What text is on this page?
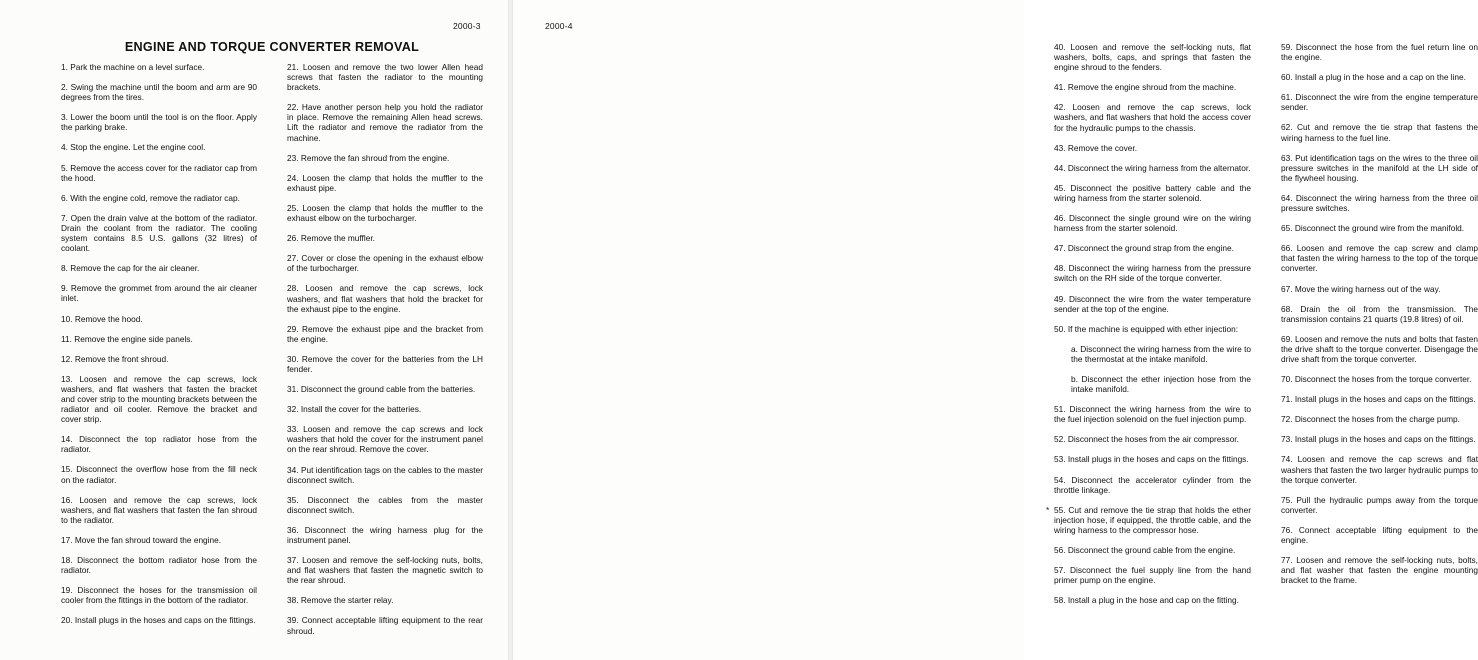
2000-3
ENGINE AND TORQUE CONVERTER REMOVAL

1. Park the machine on a level surface.

2. Swing the machine until the boom and arm are 90 degrees from the tires.

3. Lower the boom until the tool is on the floor. Apply the parking brake.

4. Stop the engine. Let the engine cool.

5. Remove the access cover for the radiator cap from the hood.

6. With the engine cold, remove the radiator cap.

7. Open the drain valve at the bottom of the radiator. Drain the coolant from the radiator. The cooling system contains 8.5 U.S. gallons (32 litres) of coolant.

8. Remove the cap for the air cleaner.

9. Remove the grommet from around the air cleaner inlet.

10. Remove the hood.

11. Remove the engine side panels.

12. Remove the front shroud.

13. Loosen and remove the cap screws, lock washers, and flat washers that fasten the bracket and cover strip to the mounting brackets between the radiator and oil cooler. Remove the bracket and cover strip.

14. Disconnect the top radiator hose from the radiator.

15. Disconnect the overflow hose from the fill neck on the radiator.

16. Loosen and remove the cap screws, lock washers, and flat washers that fasten the fan shroud to the radiator.

17. Move the fan shroud toward the engine.

18. Disconnect the bottom radiator hose from the radiator.

19. Disconnect the hoses for the transmission oil cooler from the fittings in the bottom of the radiator.

20. Install plugs in the hoses and caps on the fittings.

21. Loosen and remove the two lower Allen head screws that fasten the radiator to the mounting brackets.

22. Have another person help you hold the radiator in place. Remove the remaining Allen head screws. Lift the radiator and remove the radiator from the machine.

23. Remove the fan shroud from the engine.

24. Loosen the clamp that holds the muffler to the exhaust pipe.

25. Loosen the clamp that holds the muffler to the exhaust elbow on the turbocharger.

26. Remove the muffler.

27. Cover or close the opening in the exhaust elbow of the turbocharger.

28. Loosen and remove the cap screws, lock washers, and flat washers that hold the bracket for the exhaust pipe to the engine.

29. Remove the exhaust pipe and the bracket from the engine.

30. Remove the cover for the batteries from the LH fender.

31. Disconnect the ground cable from the batteries.

32. Install the cover for the batteries.

33. Loosen and remove the cap screws and lock washers that hold the cover for the instrument panel on the rear shroud. Remove the cover.

34. Put identification tags on the cables to the master disconnect switch.

35. Disconnect the cables from the master disconnect switch.

36. Disconnect the wiring harness plug for the instrument panel.

37. Loosen and remove the self-locking nuts, bolts, and flat washers that fasten the magnetic switch to the rear shroud.

38. Remove the starter relay.

39. Connect acceptable lifting equipment to the rear shroud.

2000-4

40. Loosen and remove the self-locking nuts, flat washers, bolts, caps, and springs that fasten the engine shroud to the fenders.

41. Remove the engine shroud from the machine.

42. Loosen and remove the cap screws, lock washers, and flat washers that hold the access cover for the hydraulic pumps to the chassis.

43. Remove the cover.

44. Disconnect the wiring harness from the alternator.

45. Disconnect the positive battery cable and the wiring harness from the starter solenoid.

46. Disconnect the single ground wire on the wiring harness from the starter solenoid.

47. Disconnect the ground strap from the engine.

48. Disconnect the wiring harness from the pressure switch on the RH side of the torque converter.

49. Disconnect the wire from the water temperature sender at the top of the engine.

50. If the machine is equipped with ether injection:

a. Disconnect the wiring harness from the wire to the thermostat at the intake manifold.

b. Disconnect the ether injection hose from the intake manifold.

51. Disconnect the wiring harness from the wire to the fuel injection solenoid on the fuel injection pump.

52. Disconnect the hoses from the air compressor.

53. Install plugs in the hoses and caps on the fittings.

54. Disconnect the accelerator cylinder from the throttle linkage.

* 55. Cut and remove the tie strap that holds the ether injection hose, if equipped, the throttle cable, and the wiring harness to the compressor hose.

56. Disconnect the ground cable from the engine.

57. Disconnect the fuel supply line from the hand primer pump on the engine.

58. Install a plug in the hose and cap on the fitting.

59. Disconnect the hose from the fuel return line on the engine.

60. Install a plug in the hose and a cap on the line.

61. Disconnect the wire from the engine temperature sender.

62. Cut and remove the tie strap that fastens the wiring harness to the fuel line.

63. Put identification tags on the wires to the three oil pressure switches in the manifold at the LH side of the flywheel housing.

64. Disconnect the wiring harness from the three oil pressure switches.

65. Disconnect the ground wire from the manifold.

66. Loosen and remove the cap screw and clamp that fasten the wiring harness to the top of the torque converter.

67. Move the wiring harness out of the way.

68. Drain the oil from the transmission. The transmission contains 21 quarts (19.8 litres) of oil.

69. Loosen and remove the nuts and bolts that fasten the drive shaft to the torque converter. Disengage the drive shaft from the torque converter.

70. Disconnect the hoses from the torque converter.

71. Install plugs in the hoses and caps on the fittings.

72. Disconnect the hoses from the charge pump.

73. Install plugs in the hoses and caps on the fittings.

74. Loosen and remove the cap screws and flat washers that fasten the two larger hydraulic pumps to the torque converter.

75. Pull the hydraulic pumps away from the torque converter.

76. Connect acceptable lifting equipment to the engine.

77. Loosen and remove the self-locking nuts, bolts, and flat washer that fasten the engine mounting bracket to the frame.
